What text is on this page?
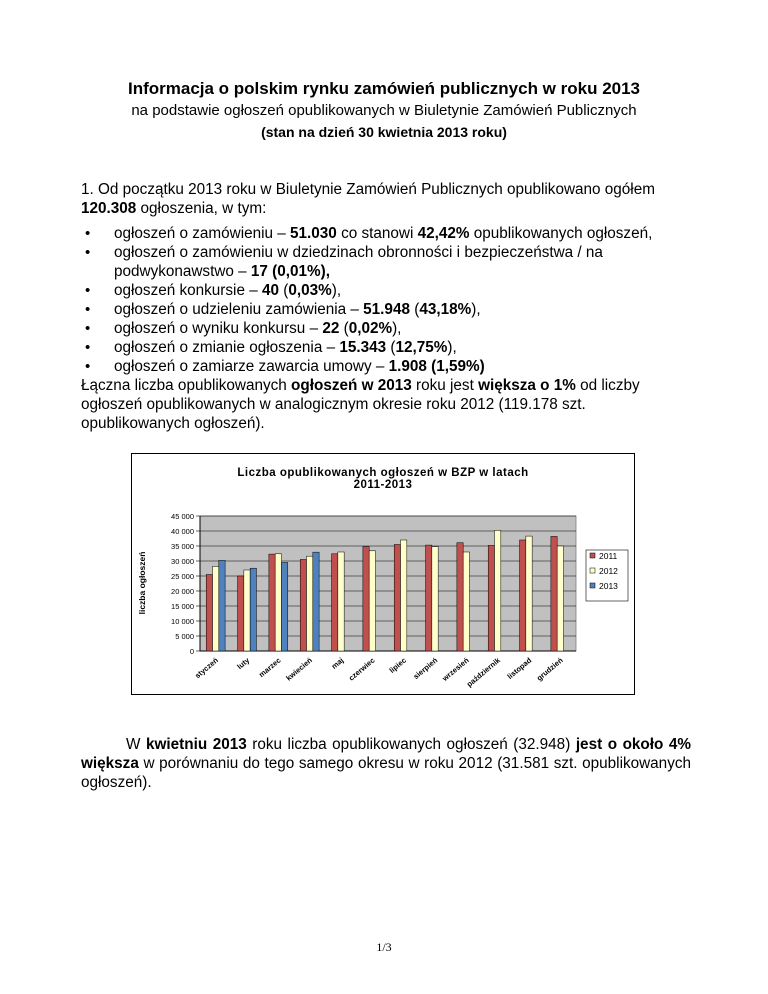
Informacja o polskim rynku zamówień publicznych w roku 2013
na podstawie ogłoszeń opublikowanych w Biuletynie Zamówień Publicznych
(stan na dzień 30 kwietnia 2013 roku)
1. Od początku 2013 roku w Biuletynie Zamówień Publicznych opublikowano ogółem 120.308 ogłoszenia, w tym:
• ogłoszeń o zamówieniu – 51.030 co stanowi 42,42% opublikowanych ogłoszeń,
• ogłoszeń o zamówieniu w dziedzinach obronności i bezpieczeństwa / na podwykonawstwo – 17 (0,01%),
• ogłoszeń konkursie – 40 (0,03%),
• ogłoszeń o udzieleniu zamówienia – 51.948 (43,18%),
• ogłoszeń o wyniku konkursu – 22 (0,02%),
• ogłoszeń o zmianie ogłoszenia – 15.343 (12,75%),
• ogłoszeń o zamiarze zawarcia umowy – 1.908 (1,59%)
Łączna liczba opublikowanych ogłoszeń w 2013 roku jest większa o 1% od liczby ogłoszeń opublikowanych w analogicznym okresie roku 2012 (119.178 szt. opublikowanych ogłoszeń).
Liczba opublikowanych ogłoszeń w BZP w latach
2011-2013
liczba ogłoszeń
0
5 000
10 000
15 000
20 000
25 000
30 000
35 000
40 000
45 000
styczeń luty marzec kwiecień maj czerwiec lipiec sierpień wrzesień
październik listopad grudzień
2011
2012
2013
W kwietniu 2013 roku liczba opublikowanych ogłoszeń (32.948) jest o około 4% większa w porównaniu do tego samego okresu w roku 2012 (31.581 szt. opublikowanych ogłoszeń).
1/3
